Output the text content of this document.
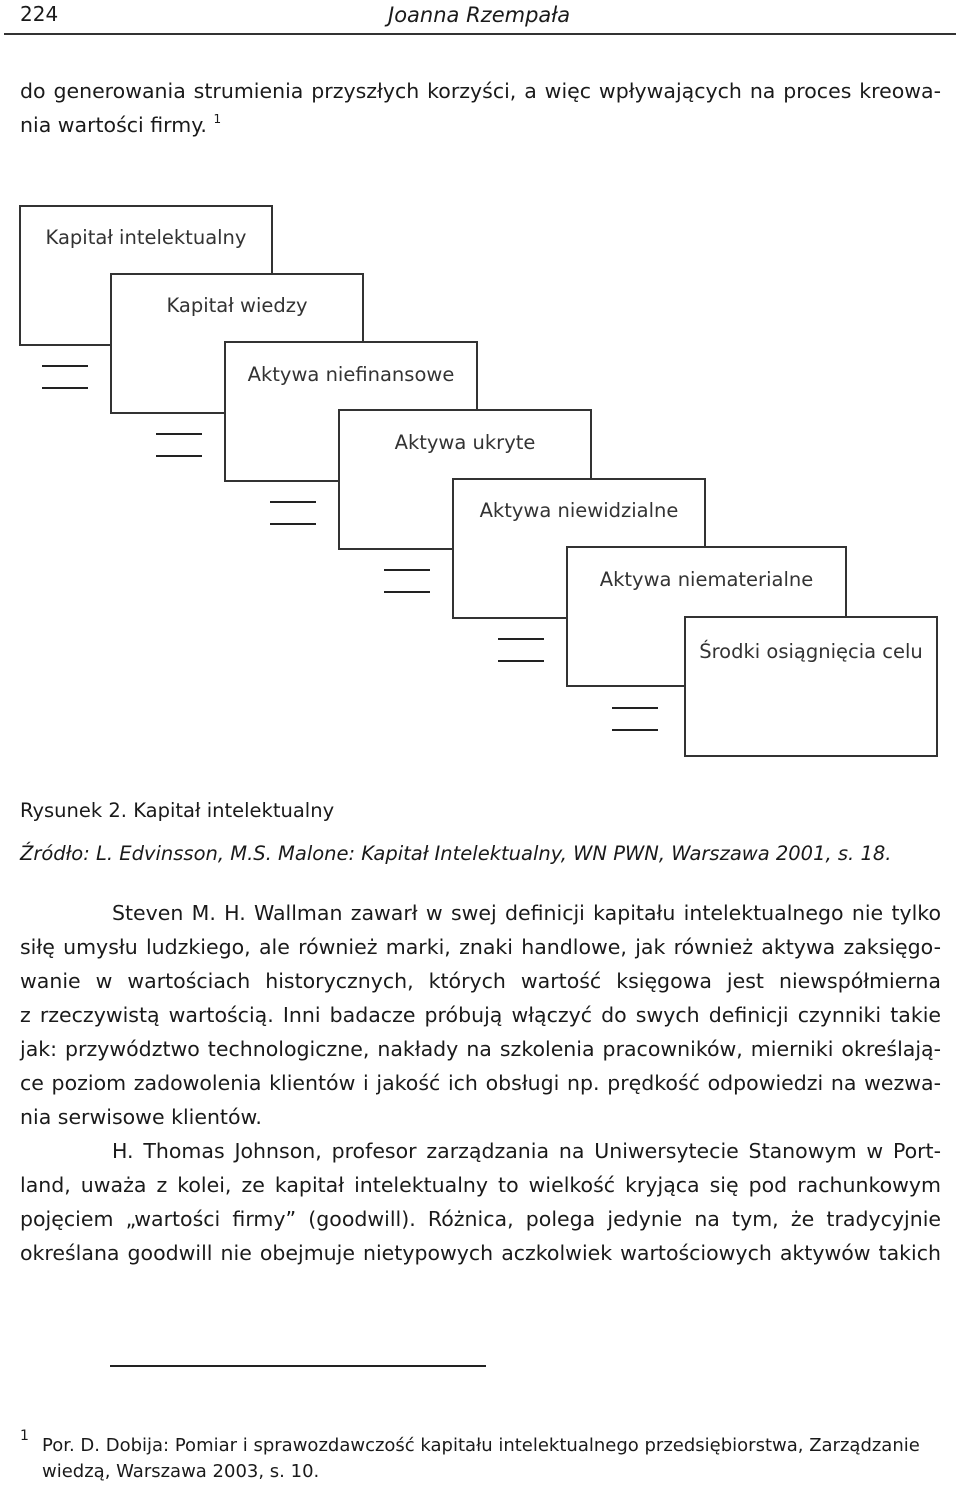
224	Joanna Rzempała
do generowania strumienia przyszłych korzyści, a więc wpływających na proces kreowa-
nia wartości firmy. $^1$
Kapitał intelektualny
Kapitał wiedzy
Aktywa niefinansowe
Aktywa ukryte
Aktywa niewidzialne
Aktywa niematerialne
Środki osiągnięcia celu
Rysunek 2. Kapitał intelektualny
Źródło: L. Edvinsson, M.S. Malone: Kapitał Intelektualny, WN PWN, Warszawa 2001, s. 18.
Steven M. H. Wallman zawarł w swej definicji kapitału intelektualnego nie tylko
siłę umysłu ludzkiego, ale również marki, znaki handlowe, jak również aktywa zaksięgo-
wanie w wartościach historycznych, których wartość księgowa jest niewspółmierna
z rzeczywistą wartością. Inni badacze próbują włączyć do swych definicji czynniki takie
jak: przywództwo technologiczne, nakłady na szkolenia pracowników, mierniki określają-
ce poziom zadowolenia klientów i jakość ich obsługi np. prędkość odpowiedzi na wezwa-
nia serwisowe klientów.
H. Thomas Johnson, profesor zarządzania na Uniwersytecie Stanowym w Port-
land, uważa z kolei, ze kapitał intelektualny to wielkość kryjąca się pod rachunkowym
pojęciem „wartości firmy” (goodwill). Różnica, polega jedynie na tym, że tradycyjnie
określana goodwill nie obejmuje nietypowych aczkolwiek wartościowych aktywów takich
1 Por. D. Dobija: Pomiar i sprawozdawczość kapitału intelektualnego przedsiębiorstwa, Zarządzanie wiedzą, Warszawa 2003, s. 10.
